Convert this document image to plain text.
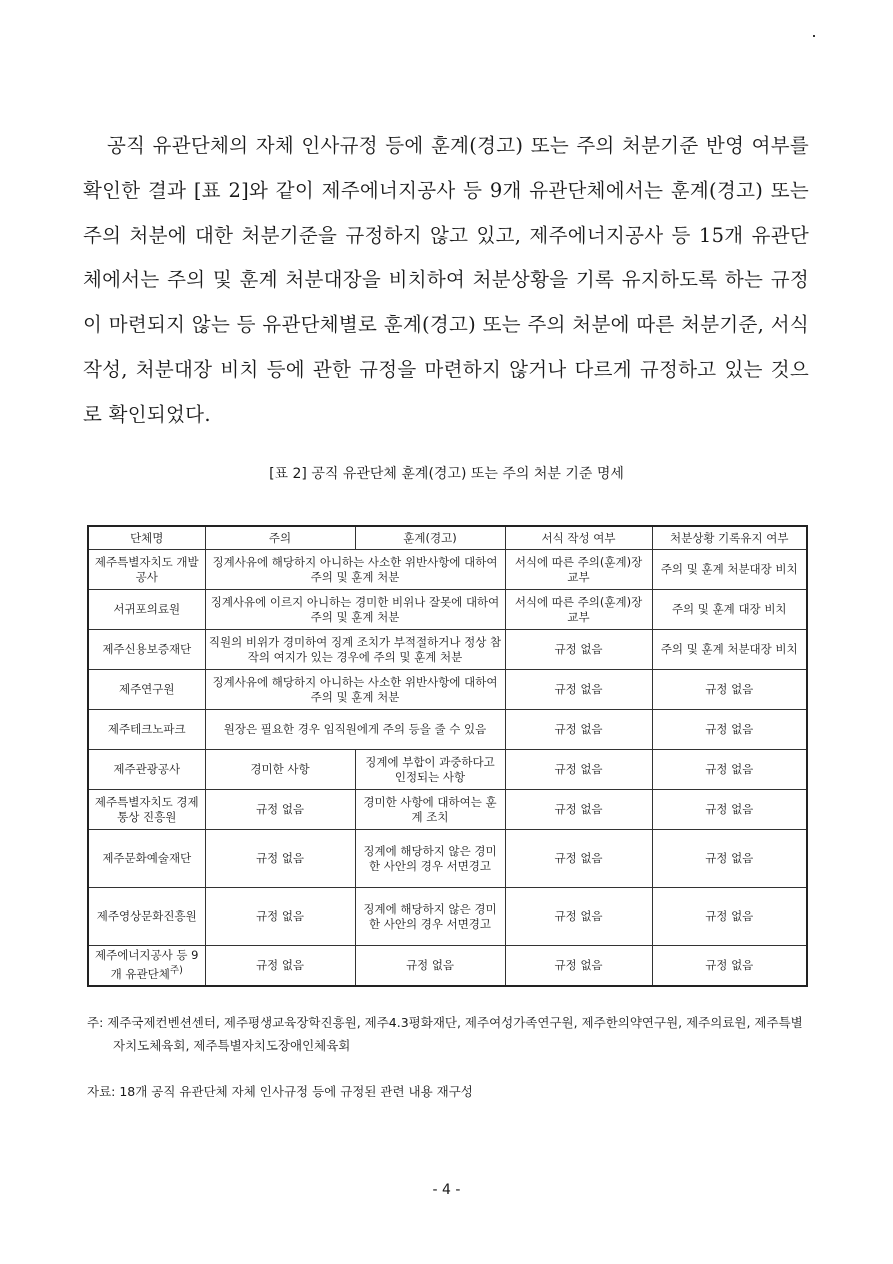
공직 유관단체의 자체 인사규정 등에 훈계(경고) 또는 주의 처분기준 반영 여부를 확인한 결과 [표 2]와 같이 제주에너지공사 등 9개 유관단체에서는 훈계(경고) 또는 주의 처분에 대한 처분기준을 규정하지 않고 있고, 제주에너지공사 등 15개 유관단체에서는 주의 및 훈계 처분대장을 비치하여 처분상황을 기록 유지하도록 하는 규정이 마련되지 않는 등 유관단체별로 훈계(경고) 또는 주의 처분에 따른 처분기준, 서식 작성, 처분대장 비치 등에 관한 규정을 마련하지 않거나 다르게 규정하고 있는 것으로 확인되었다.

[표 2] 공직 유관단체 훈계(경고) 또는 주의 처분 기준 명세

단체명	주의	훈계(경고)	서식 작성 여부	처분상황 기록유지 여부
제주특별자치도 개발공사	징계사유에 해당하지 아니하는 사소한 위반사항에 대하여 주의 및 훈계 처분		서식에 따른 주의(훈계)장 교부	주의 및 훈계 처분대장 비치
서귀포의료원	징계사유에 이르지 아니하는 경미한 비위나 잘못에 대하여 주의 및 훈계 처분		서식에 따른 주의(훈계)장 교부	주의 및 훈계 대장 비치
제주신용보증재단	직원의 비위가 경미하여 징계 조치가 부적절하거나 정상 참작의 여지가 있는 경우에 주의 및 훈계 처분		규정 없음	주의 및 훈계 처분대장 비치
제주연구원	징계사유에 해당하지 아니하는 사소한 위반사항에 대하여 주의 및 훈계 처분		규정 없음	규정 없음
제주테크노파크	원장은 필요한 경우 임직원에게 주의 등을 줄 수 있음		규정 없음	규정 없음
제주관광공사	경미한 사항	징계에 부합이 과중하다고 인정되는 사항	규정 없음	규정 없음
제주특별자치도 경제통상 진흥원	규정 없음	경미한 사항에 대하여는 훈계 조치	규정 없음	규정 없음
제주문화예술재단	규정 없음	징계에 해당하지 않은 경미한 사안의 경우 서면경고	규정 없음	규정 없음
제주영상문화진흥원	규정 없음	징계에 해당하지 않은 경미한 사안의 경우 서면경고	규정 없음	규정 없음
제주에너지공사 등 9개 유관단체$^{주)}$	규정 없음	규정 없음	규정 없음	규정 없음

주: 제주국제컨벤션센터, 제주평생교육장학진흥원, 제주4.3평화재단, 제주여성가족연구원, 제주한의약연구원, 제주의료원, 제주특별자치도체육회, 제주특별자치도장애인체육회

자료: 18개 공직 유관단체 자체 인사규정 등에 규정된 관련 내용 재구성

- 4 -
